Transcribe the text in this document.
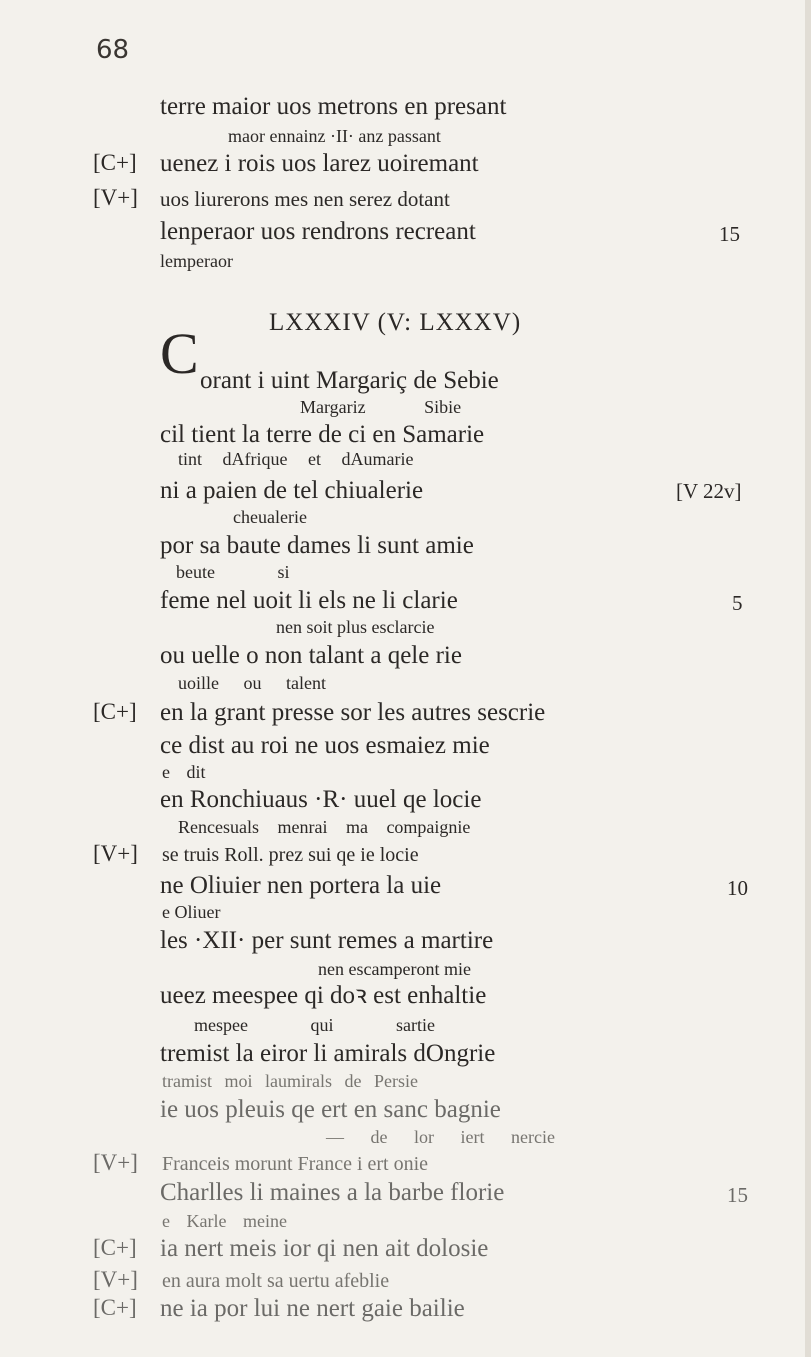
68
terre maior uos metrons en presant
maor ennainz ·II· anz passant
[C+] uenez i rois uos larez uoiremant
[V+] uos liurerons mes nen serez dotant
lenperaor uos rendrons recreant	15
lemperaor
LXXXIV (V: LXXXV)
C orant i uint Margariç de Sebie
Margariz Sibie
cil tient la terre de ci en Samarie
tint dAfrique et dAumarie
ni a paien de tel chiualerie	[V 22v]
cheualerie
por sa baute dames li sunt amie
beute si
feme nel uoit li els ne li clarie	5
nen soit plus esclarcie
ou uelle o non talant a qele rie
uoille ou talent
[C+] en la grant presse sor les autres sescrie
ce dist au roi ne uos esmaiez mie
e dit
en Ronchiuaus ·R· uuel qe locie
Rencesuals menrai ma compaignie
[V+] se truis Roll. prez sui qe ie locie
ne Oliuier nen portera la uie	10
e Oliuer
les ·XII· per sunt remes a martire
nen escamperont mie
ueez meespee qi doꝛ est enhaltie
mespee qui sartie
tremist la eiror li amirals dOngrie
tramist moi laumirals de Persie
ie uos pleuis qe ert en sanc bagnie
— de lor iert nercie
[V+] Franceis morunt France i ert onie
Charlles li maines a la barbe florie	15
e Karle meine
[C+] ia nert meis ior qi nen ait dolosie
[V+] en aura molt sa uertu afeblie
[C+] ne ia por lui ne nert gaie bailie
